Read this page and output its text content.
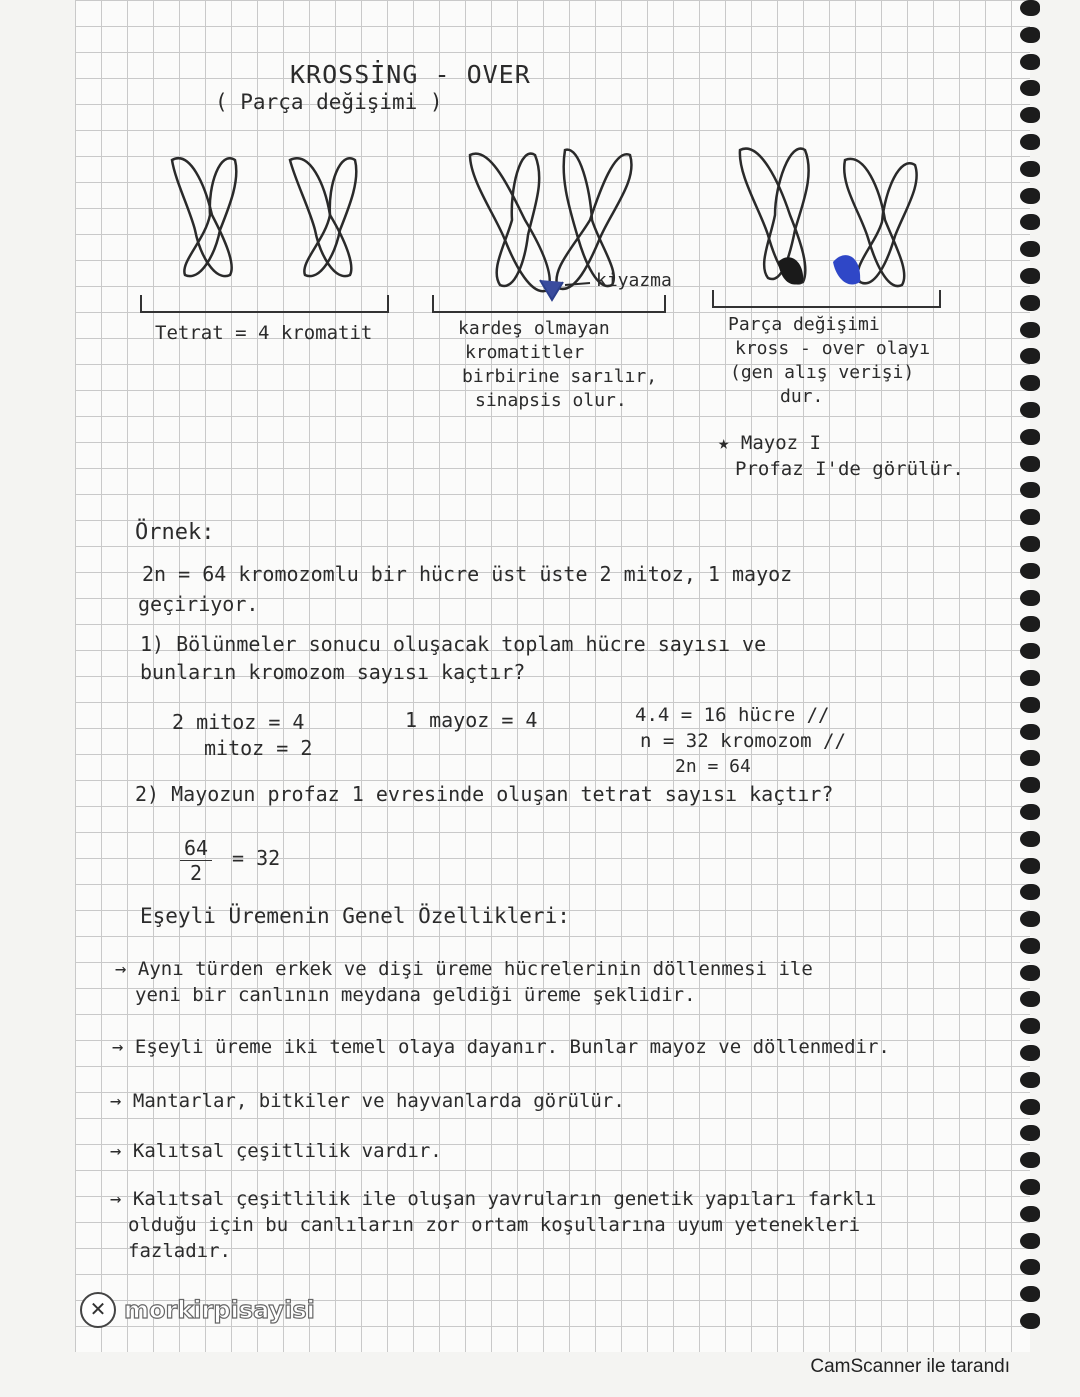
KROSSİNG - OVER
( Parça değişimi )
kiyazma
Tetrat = 4 kromatit	kardeş olmayan
kromatitler
birbirine sarılır,
sinapsis olur.
Parça değişimi
kross - over olayı
(gen alış verişi)
dur.
★ Mayoz I
Profaz I'de görülür.
Örnek:
2n = 64 kromozomlu bir hücre üst üste 2 mitoz, 1 mayoz
geçiriyor.
1) Bölünmeler sonucu oluşacak toplam hücre sayısı ve
bunların kromozom sayısı kaçtır?
2 mitoz = 4
mitoz = 2
1 mayoz = 4	4.4 = 16 hücre //
n = 32 kromozom //
2n = 64
2) Mayozun profaz 1 evresinde oluşan tetrat sayısı kaçtır?
$\frac{64}{2} = 32$
Eşeyli Üremenin Genel Özellikleri:
→ Aynı türden erkek ve dişi üreme hücrelerinin döllenmesi ile
yeni bir canlının meydana geldiği üreme şeklidir.
→ Eşeyli üreme iki temel olaya dayanır. Bunlar mayoz ve döllenmedir.
→ Mantarlar, bitkiler ve hayvanlarda görülür.
→ Kalıtsal çeşitlilik vardır.
→ Kalıtsal çeşitlilik ile oluşan yavruların genetik yapıları farklı
olduğu için bu canlıların zor ortam koşullarına uyum yetenekleri
fazladır.
✕ morkirpisayisi
CamScanner ile tarandı
